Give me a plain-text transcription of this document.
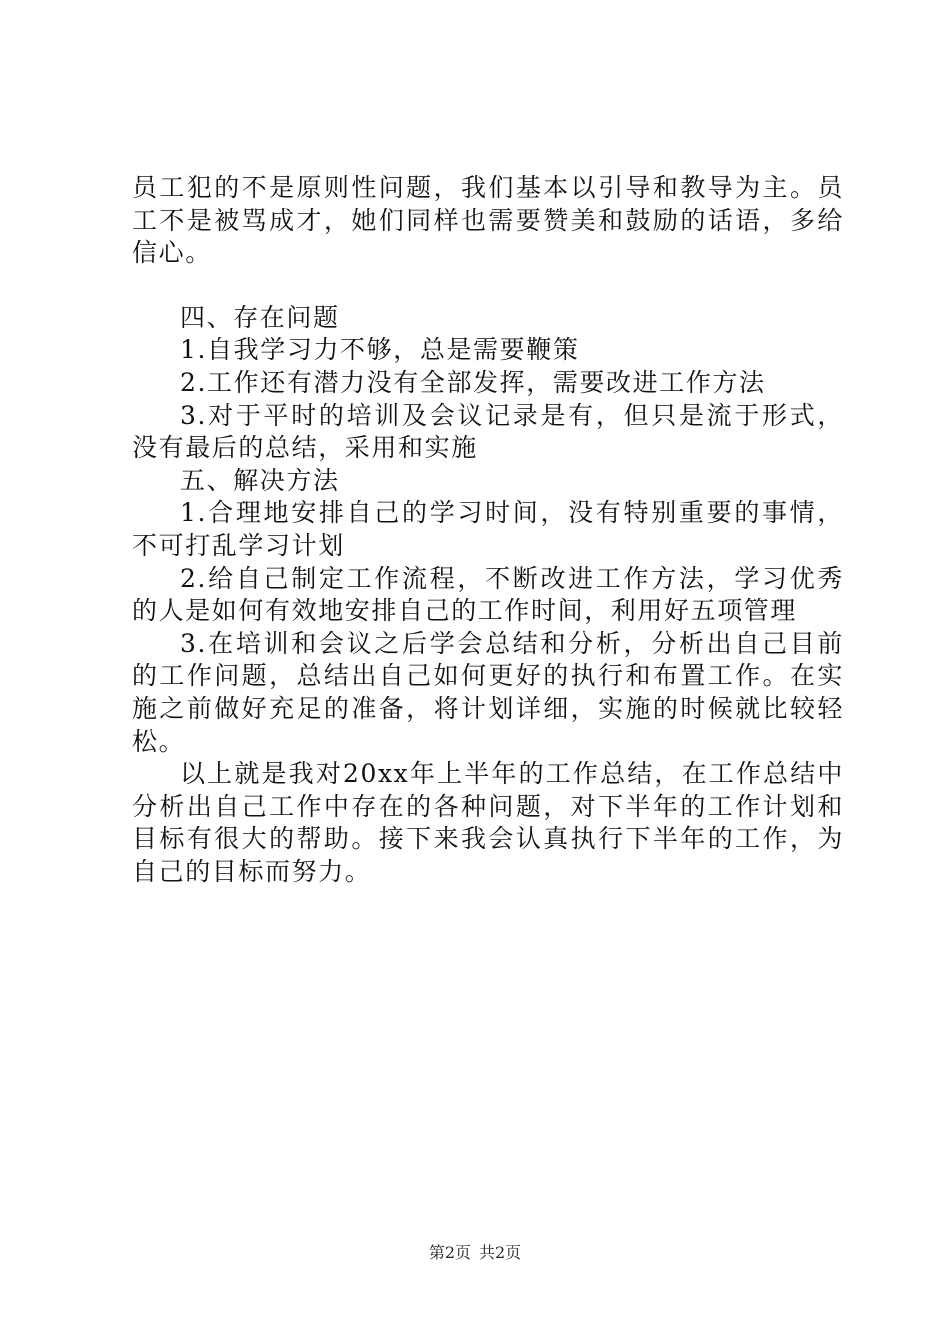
员工犯的不是原则性问题，我们基本以引导和教导为主。员工不是被骂成才，她们同样也需要赞美和鼓励的话语，多给信心。

四、存在问题

1.自我学习力不够，总是需要鞭策

2.工作还有潜力没有全部发挥，需要改进工作方法

3.对于平时的培训及会议记录是有，但只是流于形式，没有最后的总结，采用和实施

五、解决方法

1.合理地安排自己的学习时间，没有特别重要的事情，不可打乱学习计划

2.给自己制定工作流程，不断改进工作方法，学习优秀的人是如何有效地安排自己的工作时间，利用好五项管理

3.在培训和会议之后学会总结和分析，分析出自己目前的工作问题，总结出自己如何更好的执行和布置工作。在实施之前做好充足的准备，将计划详细，实施的时候就比较轻松。

以上就是我对20xx年上半年的工作总结，在工作总结中分析出自己工作中存在的各种问题，对下半年的工作计划和目标有很大的帮助。接下来我会认真执行下半年的工作，为自己的目标而努力。

第2页 共2页
